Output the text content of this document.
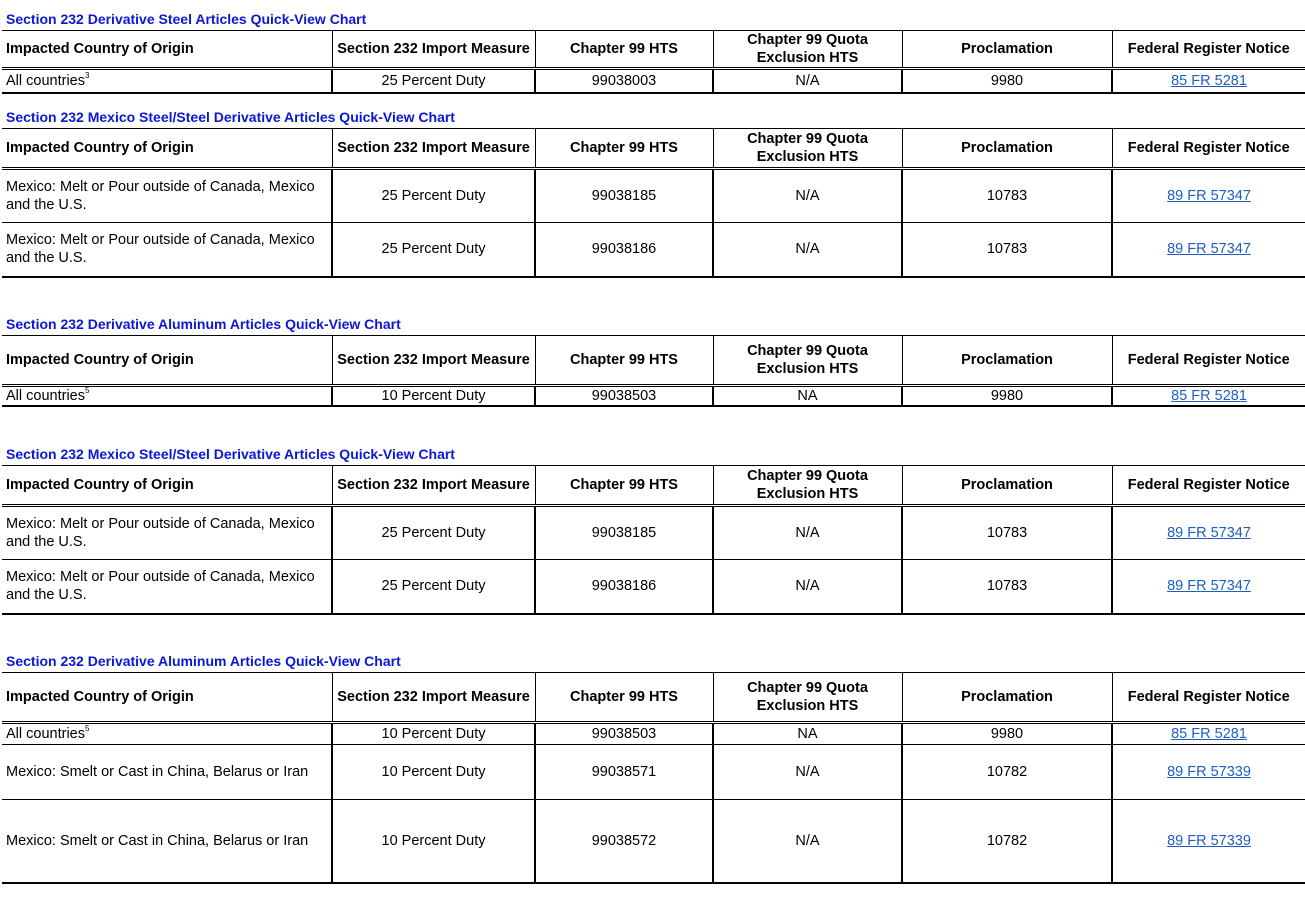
Section 232 Derivative Steel Articles Quick-View Chart
Impacted Country of Origin	Section 232 Import Measure	Chapter 99 HTS	Chapter 99 Quota
Exclusion HTS	Proclamation	Federal Register Notice
All countries$^3$	25 Percent Duty	99038003	N/A	9980	85 FR 5281
Section 232 Mexico Steel/Steel Derivative Articles Quick-View Chart
Impacted Country of Origin	Section 232 Import Measure	Chapter 99 HTS	Chapter 99 Quota
Exclusion HTS	Proclamation	Federal Register Notice
Mexico: Melt or Pour outside of Canada, Mexico
and the U.S.	25 Percent Duty	99038185	N/A	10783	89 FR 57347
Mexico: Melt or Pour outside of Canada, Mexico
and the U.S.	25 Percent Duty	99038186	N/A	10783	89 FR 57347
Section 232 Derivative Aluminum Articles Quick-View Chart
Impacted Country of Origin	Section 232 Import Measure	Chapter 99 HTS	Chapter 99 Quota
Exclusion HTS	Proclamation	Federal Register Notice
All countries$^5$	10 Percent Duty	99038503	NA	9980	85 FR 5281
Section 232 Mexico Steel/Steel Derivative Articles Quick-View Chart
Impacted Country of Origin	Section 232 Import Measure	Chapter 99 HTS	Chapter 99 Quota
Exclusion HTS	Proclamation	Federal Register Notice
Mexico: Melt or Pour outside of Canada, Mexico
and the U.S.	25 Percent Duty	99038185	N/A	10783	89 FR 57347
Mexico: Melt or Pour outside of Canada, Mexico
and the U.S.	25 Percent Duty	99038186	N/A	10783	89 FR 57347
Section 232 Derivative Aluminum Articles Quick-View Chart
Impacted Country of Origin	Section 232 Import Measure	Chapter 99 HTS	Chapter 99 Quota
Exclusion HTS	Proclamation	Federal Register Notice
All countries$^5$	10 Percent Duty	99038503	NA	9980	85 FR 5281
Mexico: Smelt or Cast in China, Belarus or Iran	10 Percent Duty	99038571	N/A	10782	89 FR 57339
Mexico: Smelt or Cast in China, Belarus or Iran	10 Percent Duty	99038572	N/A	10782	89 FR 57339
